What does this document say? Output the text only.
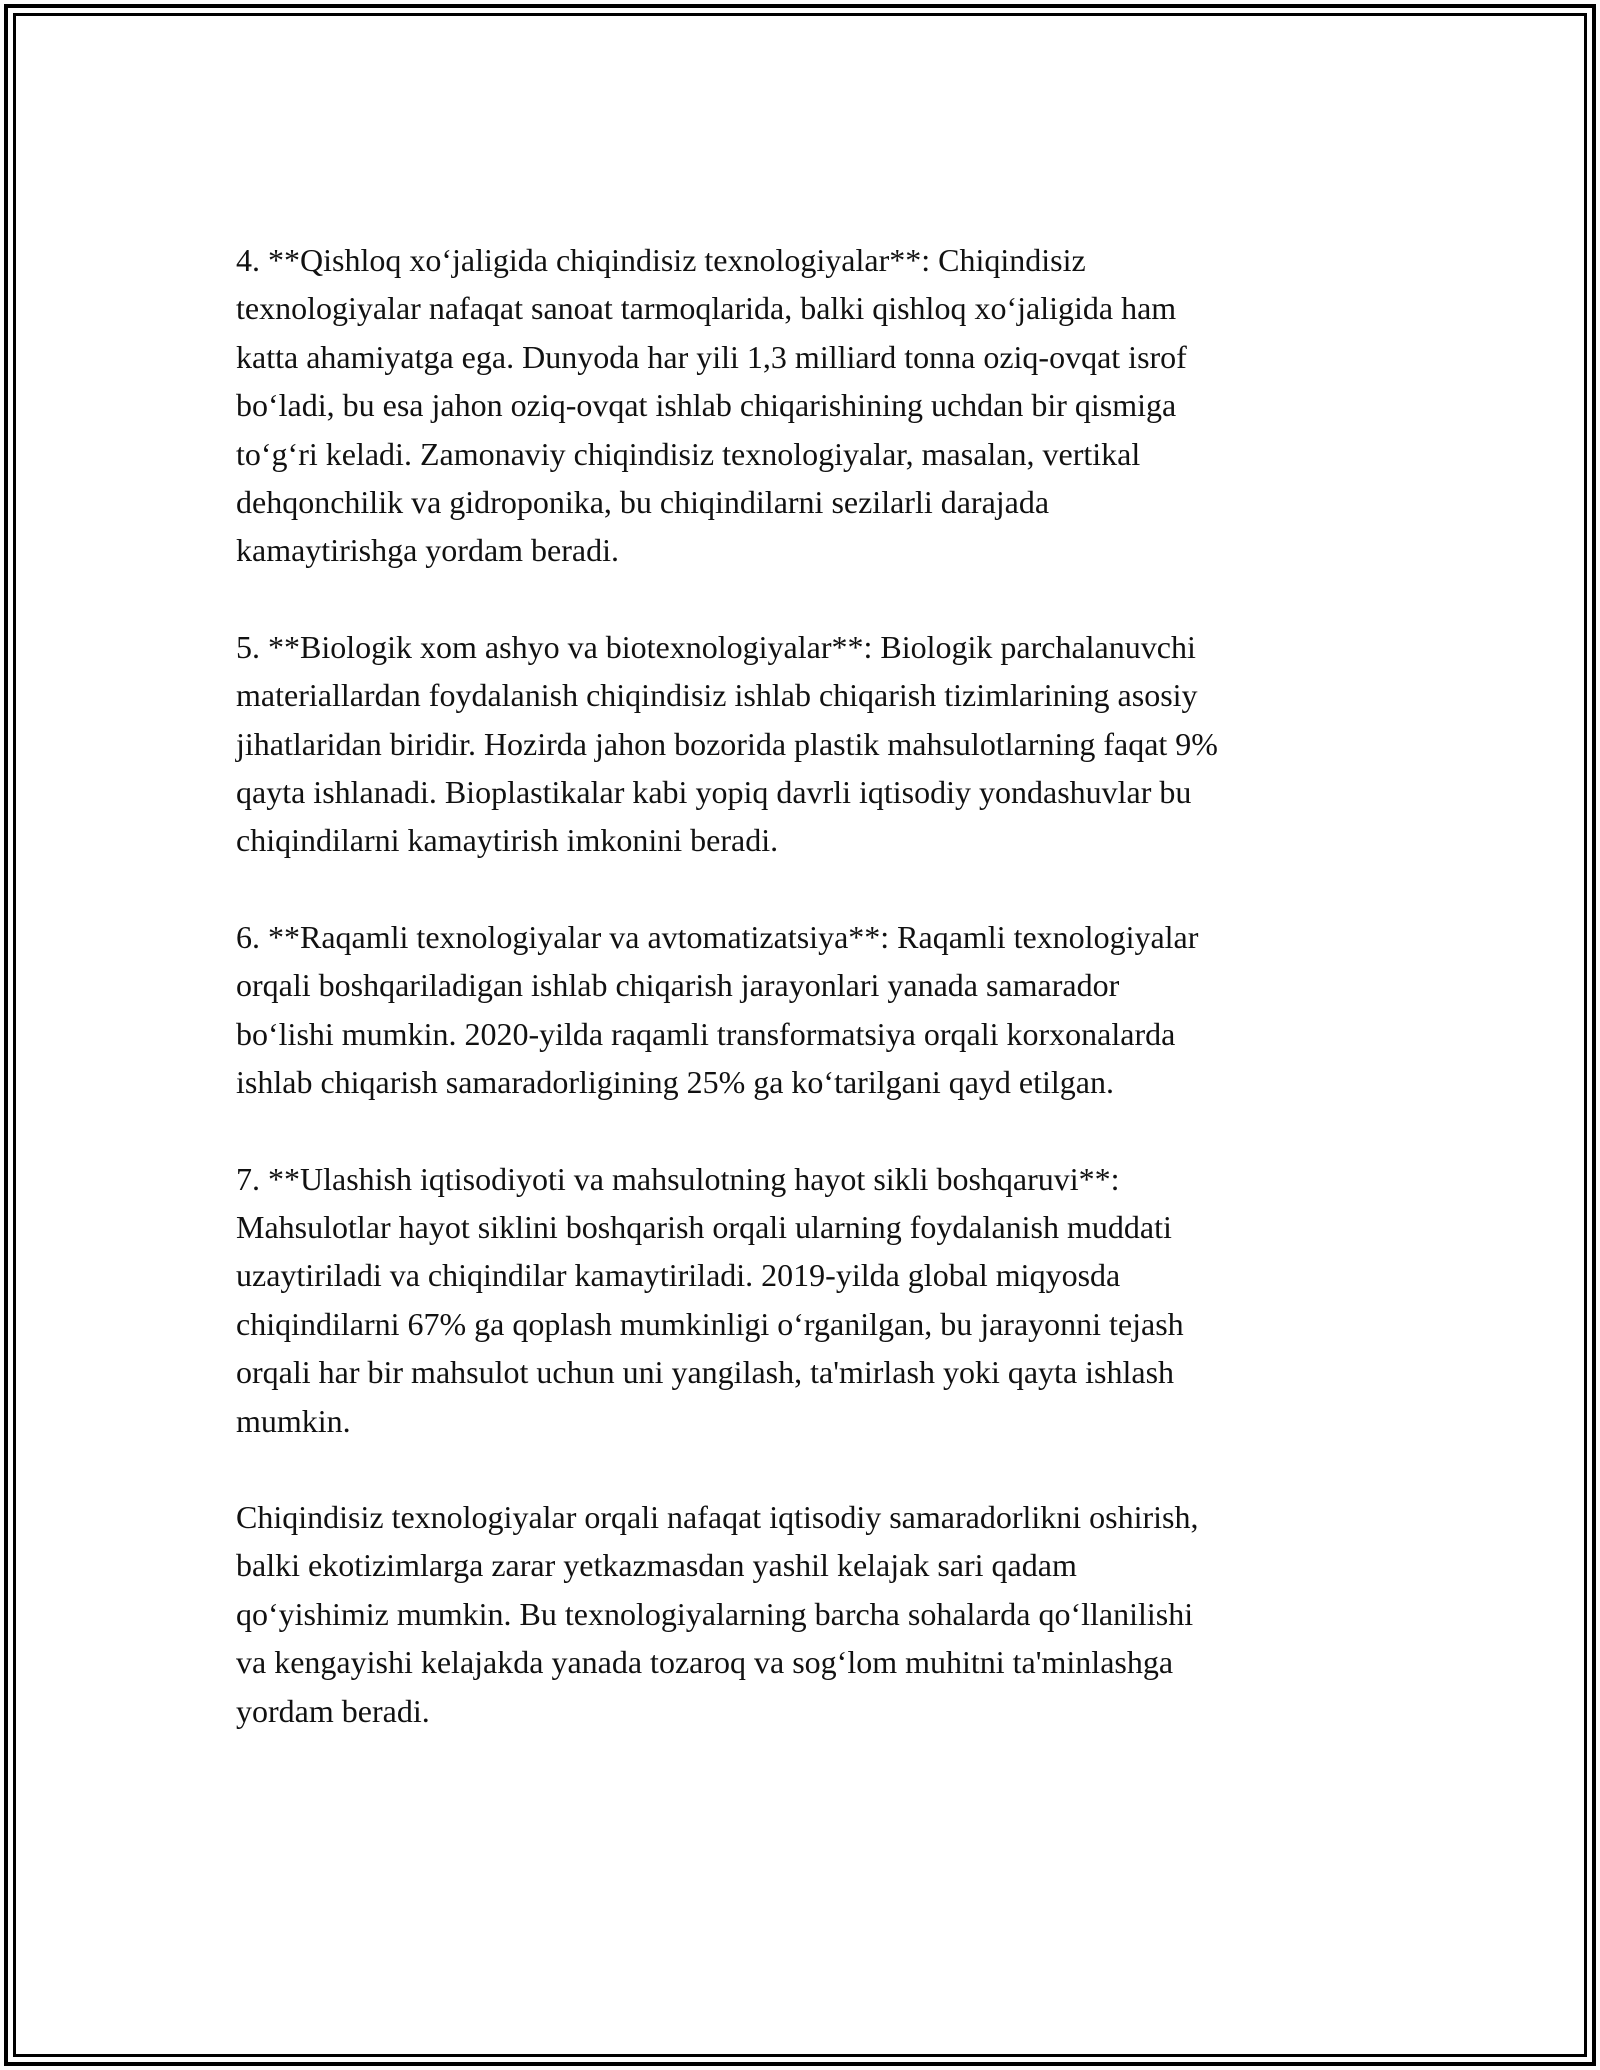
4. **Qishloq xo‘jaligida chiqindisiz texnologiyalar**: Chiqindisiz
texnologiyalar nafaqat sanoat tarmoqlarida, balki qishloq xo‘jaligida ham
katta ahamiyatga ega. Dunyoda har yili 1,3 milliard tonna oziq-ovqat isrof
bo‘ladi, bu esa jahon oziq-ovqat ishlab chiqarishining uchdan bir qismiga
to‘g‘ri keladi. Zamonaviy chiqindisiz texnologiyalar, masalan, vertikal
dehqonchilik va gidroponika, bu chiqindilarni sezilarli darajada
kamaytirishga yordam beradi.
5. **Biologik xom ashyo va biotexnologiyalar**: Biologik parchalanuvchi
materiallardan foydalanish chiqindisiz ishlab chiqarish tizimlarining asosiy
jihatlaridan biridir. Hozirda jahon bozorida plastik mahsulotlarning faqat 9%
qayta ishlanadi. Bioplastikalar kabi yopiq davrli iqtisodiy yondashuvlar bu
chiqindilarni kamaytirish imkonini beradi.
6. **Raqamli texnologiyalar va avtomatizatsiya**: Raqamli texnologiyalar
orqali boshqariladigan ishlab chiqarish jarayonlari yanada samarador
bo‘lishi mumkin. 2020-yilda raqamli transformatsiya orqali korxonalarda
ishlab chiqarish samaradorligining 25% ga ko‘tarilgani qayd etilgan.
7. **Ulashish iqtisodiyoti va mahsulotning hayot sikli boshqaruvi**:
Mahsulotlar hayot siklini boshqarish orqali ularning foydalanish muddati
uzaytiriladi va chiqindilar kamaytiriladi. 2019-yilda global miqyosda
chiqindilarni 67% ga qoplash mumkinligi o‘rganilgan, bu jarayonni tejash
orqali har bir mahsulot uchun uni yangilash, ta'mirlash yoki qayta ishlash
mumkin.
Chiqindisiz texnologiyalar orqali nafaqat iqtisodiy samaradorlikni oshirish,
balki ekotizimlarga zarar yetkazmasdan yashil kelajak sari qadam
qo‘yishimiz mumkin. Bu texnologiyalarning barcha sohalarda qo‘llanilishi
va kengayishi kelajakda yanada tozaroq va sog‘lom muhitni ta'minlashga
yordam beradi.
